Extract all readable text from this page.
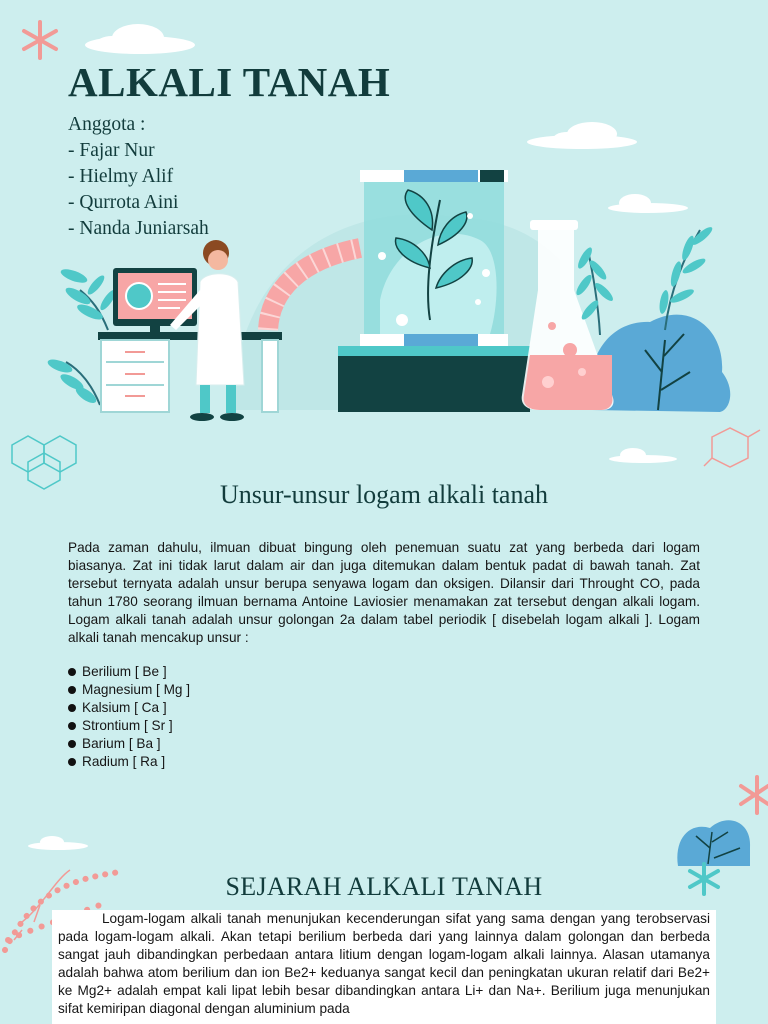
ALKALI TANAH
Anggota :
- Fajar Nur
- Hielmy Alif
- Qurrota Aini
- Nanda Juniarsah
Unsur-unsur logam alkali tanah
Pada zaman dahulu, ilmuan dibuat bingung oleh penemuan suatu zat yang berbeda dari logam biasanya. Zat ini tidak larut dalam air dan juga ditemukan dalam bentuk padat di bawah tanah. Zat tersebut ternyata adalah unsur berupa senyawa logam dan oksigen. Dilansir dari Throught CO, pada tahun 1780 seorang ilmuan bernama Antoine Laviosier menamakan zat tersebut dengan alkali logam. Logam alkali tanah adalah unsur golongan 2a dalam tabel periodik [ disebelah logam alkali ]. Logam alkali tanah mencakup unsur :
Berilium [ Be ]
Magnesium [ Mg ]
Kalsium [ Ca ]
Strontium [ Sr ]
Barium [ Ba ]
Radium [ Ra ]
SEJARAH ALKALI TANAH

Logam-logam alkali tanah menunjukan kecenderungan sifat yang sama dengan yang terobservasi pada logam-logam alkali. Akan tetapi berilium berbeda dari yang lainnya dalam golongan dan berbeda sangat jauh dibandingkan perbedaan antara litium dengan logam-logam alkali lainnya. Alasan utamanya adalah bahwa atom berilium dan ion Be2+ keduanya sangat kecil dan peningkatan ukuran relatif dari Be2+ ke Mg2+ adalah empat kali lipat lebih besar dibandingkan antara Li+ dan Na+. Berilium juga menunjukan sifat kemiripan diagonal dengan aluminium pada
